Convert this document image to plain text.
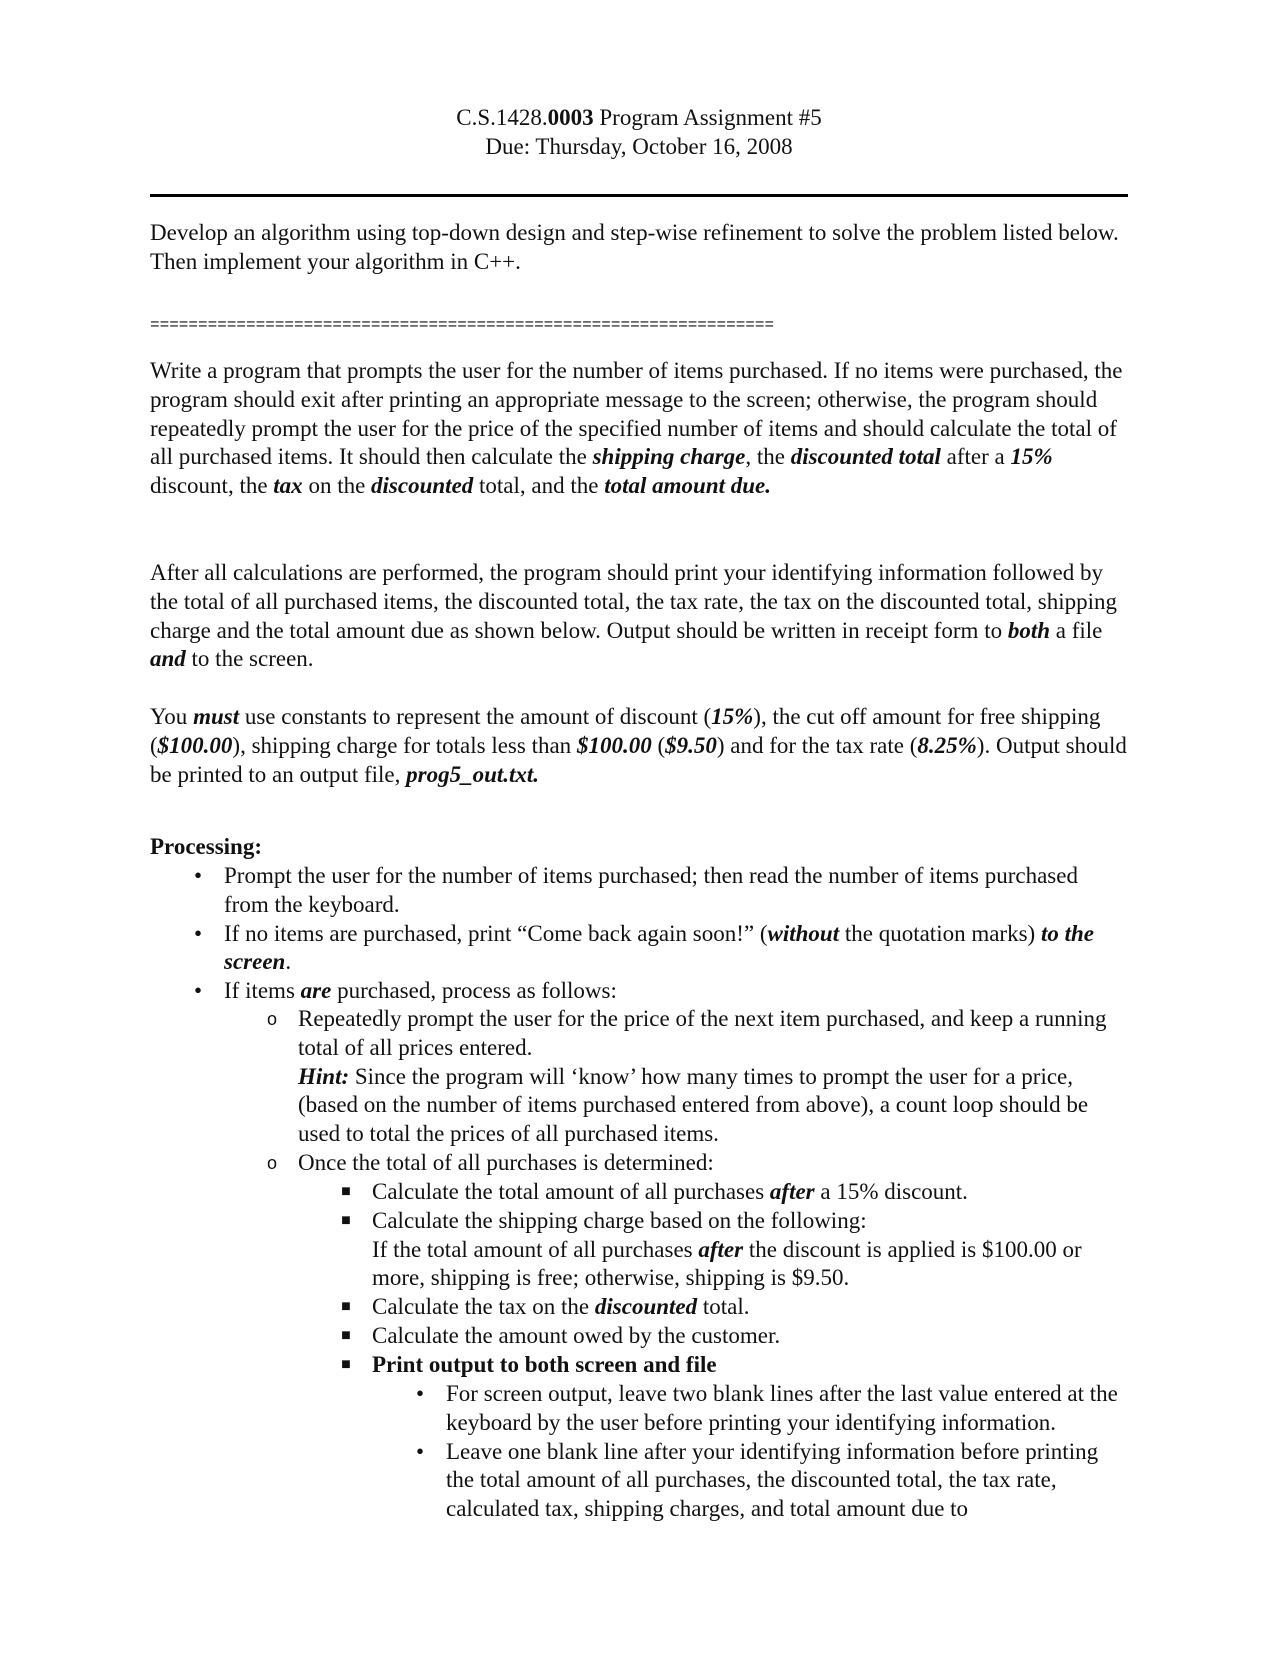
C.S.1428.0003 Program Assignment #5
Due: Thursday, October 16, 2008
Develop an algorithm using top-down design and step-wise refinement to solve the problem listed below. Then implement your algorithm in C++.
=================================================================
Write a program that prompts the user for the number of items purchased. If no items were purchased, the program should exit after printing an appropriate message to the screen; otherwise, the program should repeatedly prompt the user for the price of the specified number of items and should calculate the total of all purchased items. It should then calculate the shipping charge, the discounted total after a 15% discount, the tax on the discounted total, and the total amount due.
After all calculations are performed, the program should print your identifying information followed by the total of all purchased items, the discounted total, the tax rate, the tax on the discounted total, shipping charge and the total amount due as shown below. Output should be written in receipt form to both a file and to the screen.
You must use constants to represent the amount of discount (15%), the cut off amount for free shipping ($100.00), shipping charge for totals less than $100.00 ($9.50) and for the tax rate (8.25%). Output should be printed to an output file, prog5_out.txt.
Processing:
• Prompt the user for the number of items purchased; then read the number of items purchased from the keyboard.
• If no items are purchased, print “Come back again soon!” (without the quotation marks) to the screen.
• If items are purchased, process as follows:
o Repeatedly prompt the user for the price of the next item purchased, and keep a running total of all prices entered.
Hint: Since the program will ‘know’ how many times to prompt the user for a price, (based on the number of items purchased entered from above), a count loop should be used to total the prices of all purchased items.
o Once the total of all purchases is determined:
■ Calculate the total amount of all purchases after a 15% discount.
■ Calculate the shipping charge based on the following:
If the total amount of all purchases after the discount is applied is $100.00 or more, shipping is free; otherwise, shipping is $9.50.
■ Calculate the tax on the discounted total.
■ Calculate the amount owed by the customer.
■ Print output to both screen and file
• For screen output, leave two blank lines after the last value entered at the keyboard by the user before printing your identifying information.
• Leave one blank line after your identifying information before printing the total amount of all purchases, the discounted total, the tax rate, calculated tax, shipping charges, and total amount due to
